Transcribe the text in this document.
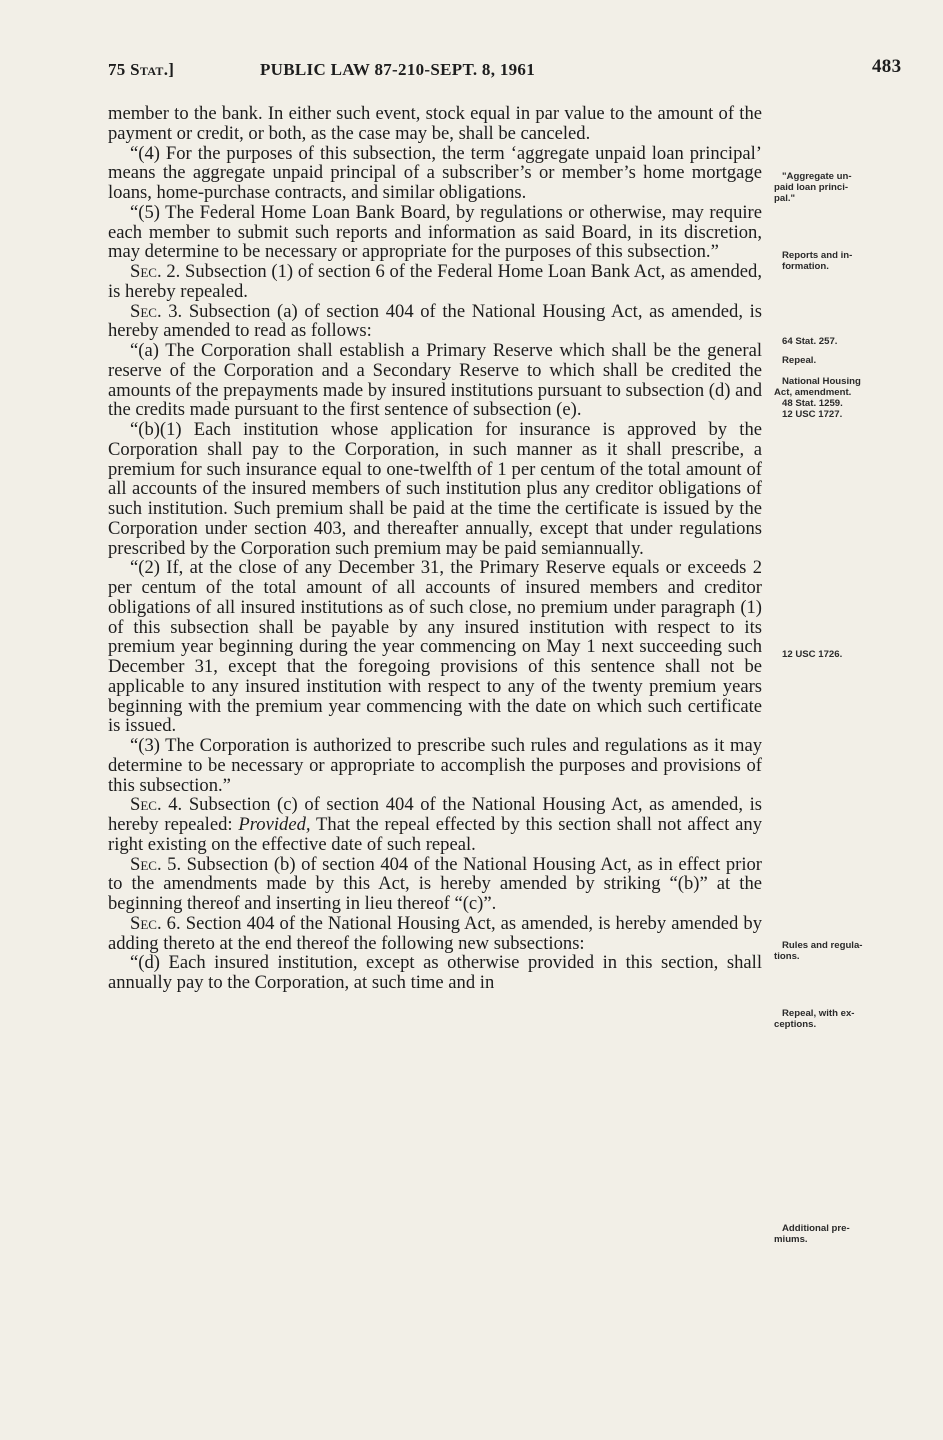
75 Stat.]	PUBLIC LAW 87-210-SEPT. 8, 1961	483

member to the bank. In either such event, stock equal in par value to the amount of the payment or credit, or both, as the case may be, shall be canceled.

“(4) For the purposes of this subsection, the term ‘aggregate unpaid loan principal’ means the aggregate unpaid principal of a subscriber’s or member’s home mortgage loans, home-purchase contracts, and similar obligations.

“(5) The Federal Home Loan Bank Board, by regulations or otherwise, may require each member to submit such reports and information as said Board, in its discretion, may determine to be necessary or appropriate for the purposes of this subsection.”

Sec. 2. Subsection (1) of section 6 of the Federal Home Loan Bank Act, as amended, is hereby repealed.

Sec. 3. Subsection (a) of section 404 of the National Housing Act, as amended, is hereby amended to read as follows:

“(a) The Corporation shall establish a Primary Reserve which shall be the general reserve of the Corporation and a Secondary Reserve to which shall be credited the amounts of the prepayments made by insured institutions pursuant to subsection (d) and the credits made pursuant to the first sentence of subsection (e).

“(b)(1) Each institution whose application for insurance is approved by the Corporation shall pay to the Corporation, in such manner as it shall prescribe, a premium for such insurance equal to one-twelfth of 1 per centum of the total amount of all accounts of the insured members of such institution plus any creditor obligations of such institution. Such premium shall be paid at the time the certificate is issued by the Corporation under section 403, and thereafter annually, except that under regulations prescribed by the Corporation such premium may be paid semiannually.

“(2) If, at the close of any December 31, the Primary Reserve equals or exceeds 2 per centum of the total amount of all accounts of insured members and creditor obligations of all insured institutions as of such close, no premium under paragraph (1) of this subsection shall be payable by any insured institution with respect to its premium year beginning during the year commencing on May 1 next succeeding such December 31, except that the foregoing provisions of this sentence shall not be applicable to any insured institution with respect to any of the twenty premium years beginning with the premium year commencing with the date on which such certificate is issued.

“(3) The Corporation is authorized to prescribe such rules and regulations as it may determine to be necessary or appropriate to accomplish the purposes and provisions of this subsection.”

Sec. 4. Subsection (c) of section 404 of the National Housing Act, as amended, is hereby repealed: Provided, That the repeal effected by this section shall not affect any right existing on the effective date of such repeal.

Sec. 5. Subsection (b) of section 404 of the National Housing Act, as in effect prior to the amendments made by this Act, is hereby amended by striking “(b)” at the beginning thereof and inserting in lieu thereof “(c)”.

Sec. 6. Section 404 of the National Housing Act, as amended, is hereby amended by adding thereto at the end thereof the following new subsections:

“(d) Each insured institution, except as otherwise provided in this section, shall annually pay to the Corporation, at such time and in

"Aggregate un-
paid loan princi-
pal."
Reports and in-
formation.
64 Stat. 257.
Repeal.
National Housing
Act, amendment.
48 Stat. 1259.
12 USC 1727.
12 USC 1726.
Rules and regula-
tions.
Repeal, with ex-
ceptions.
Additional pre-
miums.
